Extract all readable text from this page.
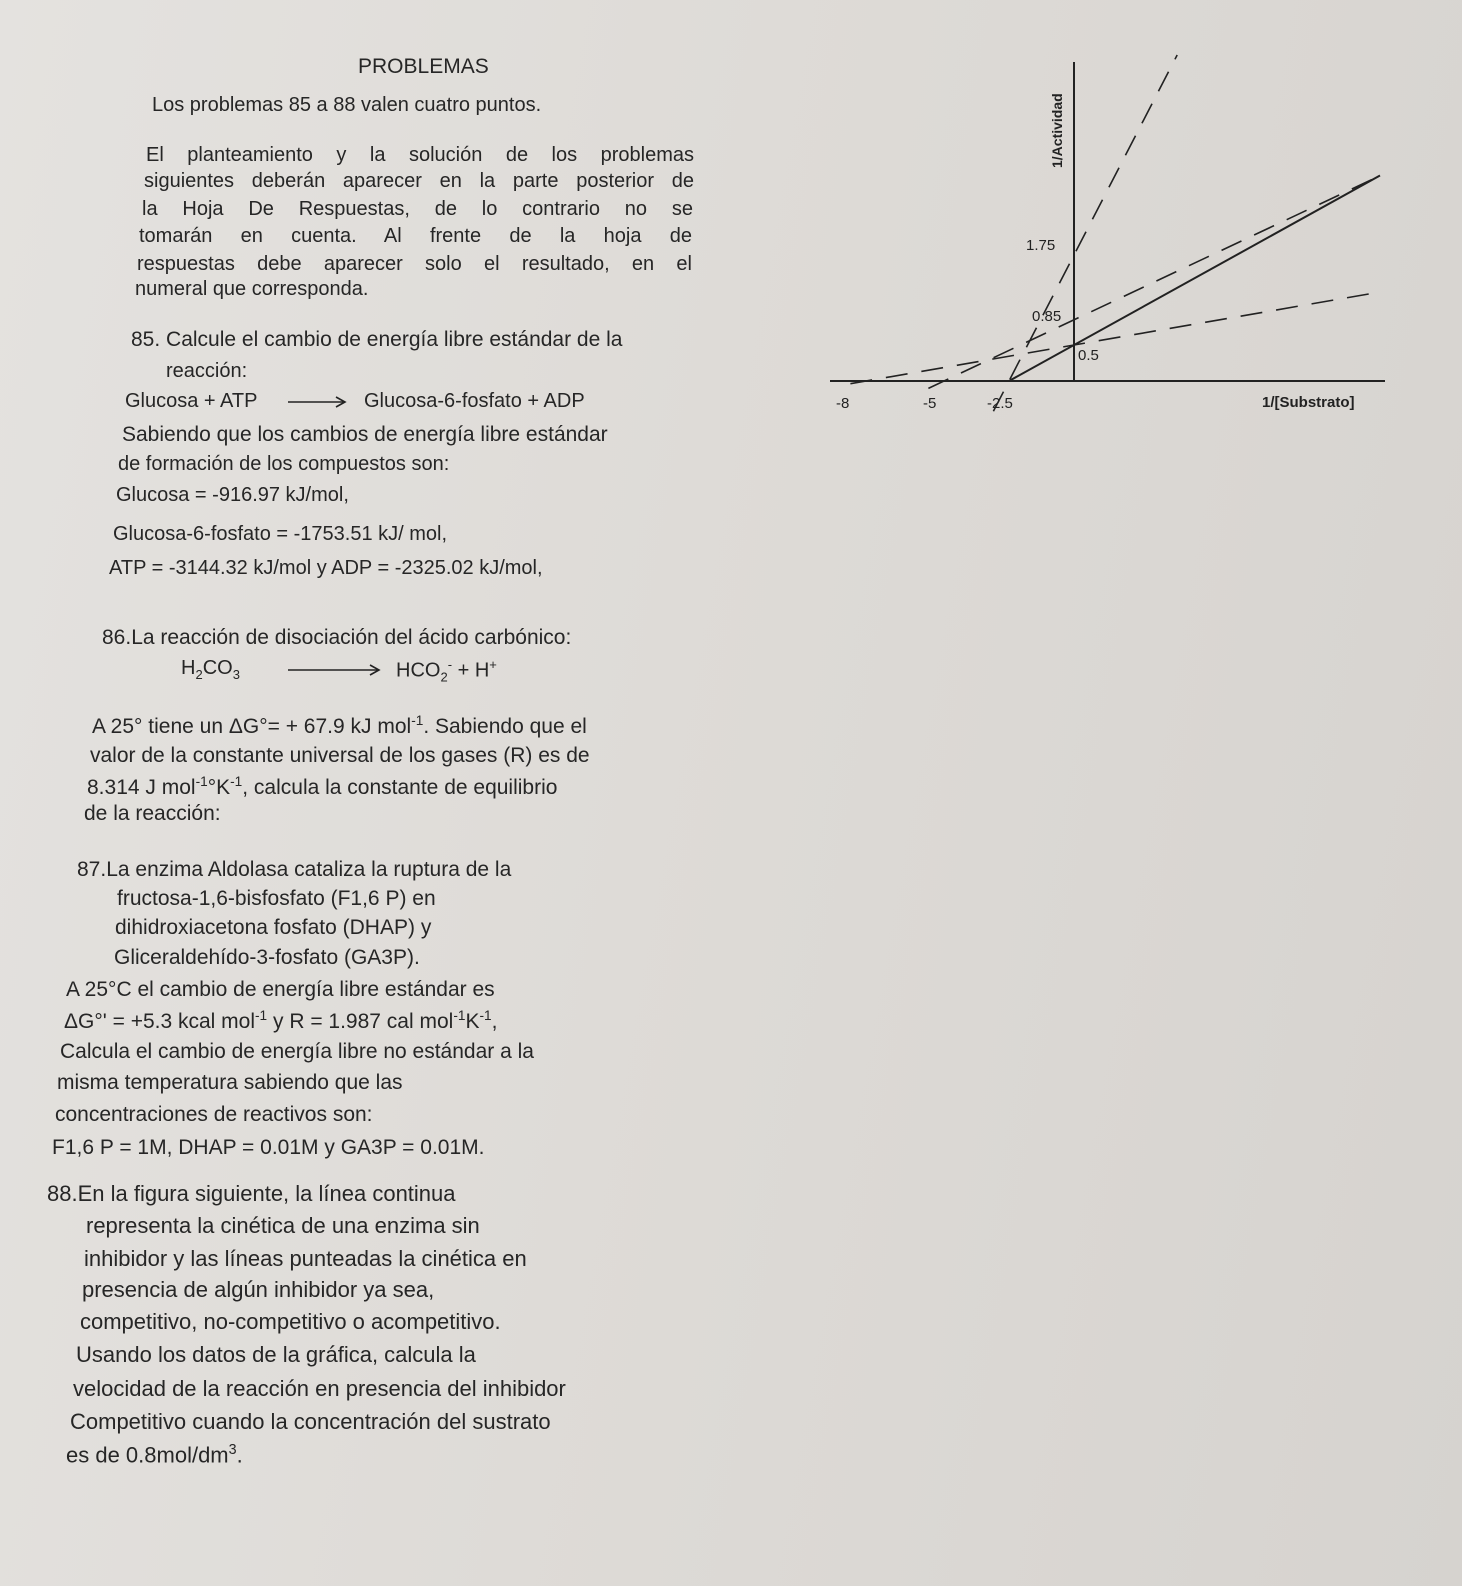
PROBLEMAS
Los problemas 85 a 88 valen cuatro puntos.
El planteamiento y la solución de los problemas
siguientes deberán aparecer en la parte posterior de
la Hoja De Respuestas, de lo contrario no se
tomarán en cuenta. Al frente de la hoja de
respuestas debe aparecer solo el resultado, en el
numeral que corresponda.
85. Calcule el cambio de energía libre estándar de la
reacción:
Glucosa + ATP → Glucosa-6-fosfato + ADP
Sabiendo que los cambios de energía libre estándar
de formación de los compuestos son:
Glucosa = -916.97 kJ/mol,
Glucosa-6-fosfato = -1753.51 kJ/ mol,
ATP = -3144.32 kJ/mol y ADP = -2325.02 kJ/mol,
86.La reacción de disociación del ácido carbónico:
$H_2CO_3$	$HCO_2^- + H^+$
A 25° tiene un ΔG°= + 67.9 kJ mol$^{-1}$. Sabiendo que el
valor de la constante universal de los gases (R) es de
8.314 J $mol^{-1}^\circ K^{-1}$, calcula la constante de equilibrio
de la reacción:
87.La enzima Aldolasa cataliza la ruptura de la
fructosa-1,6-bisfosfato (F1,6 P) en
dihidroxiacetona fosfato (DHAP) y
Gliceraldehído-3-fosfato (GA3P).
A 25°C el cambio de energía libre estándar es
ΔG°' = +5.3 kcal mol$^{-1}$ y R = 1.987 cal $mol^{-1}K^{-1}$,
Calcula el cambio de energía libre no estándar a la
misma temperatura sabiendo que las
concentraciones de reactivos son:
F1,6 P = 1M, DHAP = 0.01M y GA3P = 0.01M.
88.En la figura siguiente, la línea continua
representa la cinética de una enzima sin
inhibidor y las líneas punteadas la cinética en
presencia de algún inhibidor ya sea,
competitivo, no-competitivo o acompetitivo.
Usando los datos de la gráfica, calcula la
velocidad de la reacción en presencia del inhibidor
Competitivo cuando la concentración del sustrato
es de $0.8mol/dm^3$.
1/Actividad
1/[Substrato]
-8	-5	-2.5
1.75
0.85
0.5
